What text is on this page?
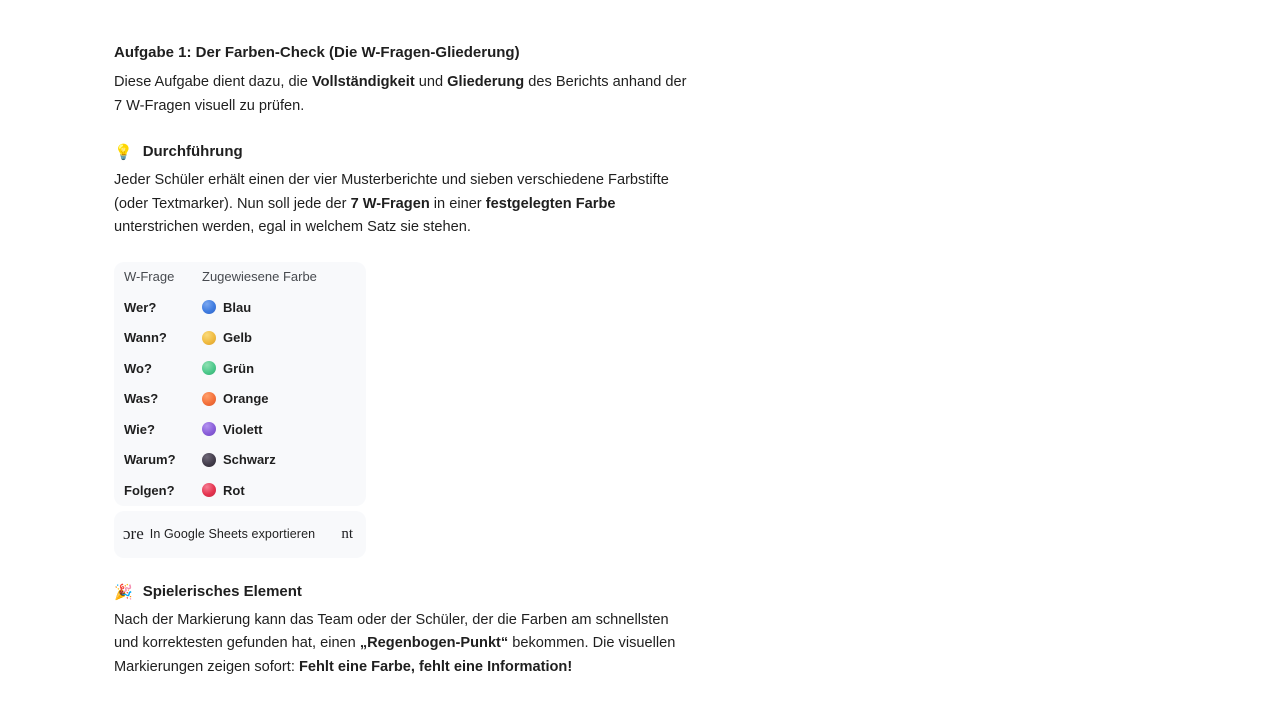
Aufgabe 1: Der Farben-Check (Die W-Fragen-Gliederung)

Diese Aufgabe dient dazu, die Vollständigkeit und Gliederung des Berichts anhand der 7 W-Fragen visuell zu prüfen.

💡 Durchführung

Jeder Schüler erhält einen der vier Musterberichte und sieben verschiedene Farbstifte (oder Textmarker). Nun soll jede der 7 W-Fragen in einer festgelegten Farbe unterstrichen werden, egal in welchem Satz sie stehen.

W-Frage	Zugewiesene Farbe
Wer?	Blau
Wann?	Gelb
Wo?	Grün
Was?	Orange
Wie?	Violett
Warum?	Schwarz
Folgen?	Rot
ɔre In Google Sheets exportieren nt
🎉 Spielerisches Element

Nach der Markierung kann das Team oder der Schüler, der die Farben am schnellsten und korrektesten gefunden hat, einen „Regenbogen-Punkt“ bekommen. Die visuellen Markierungen zeigen sofort: Fehlt eine Farbe, fehlt eine Information!
